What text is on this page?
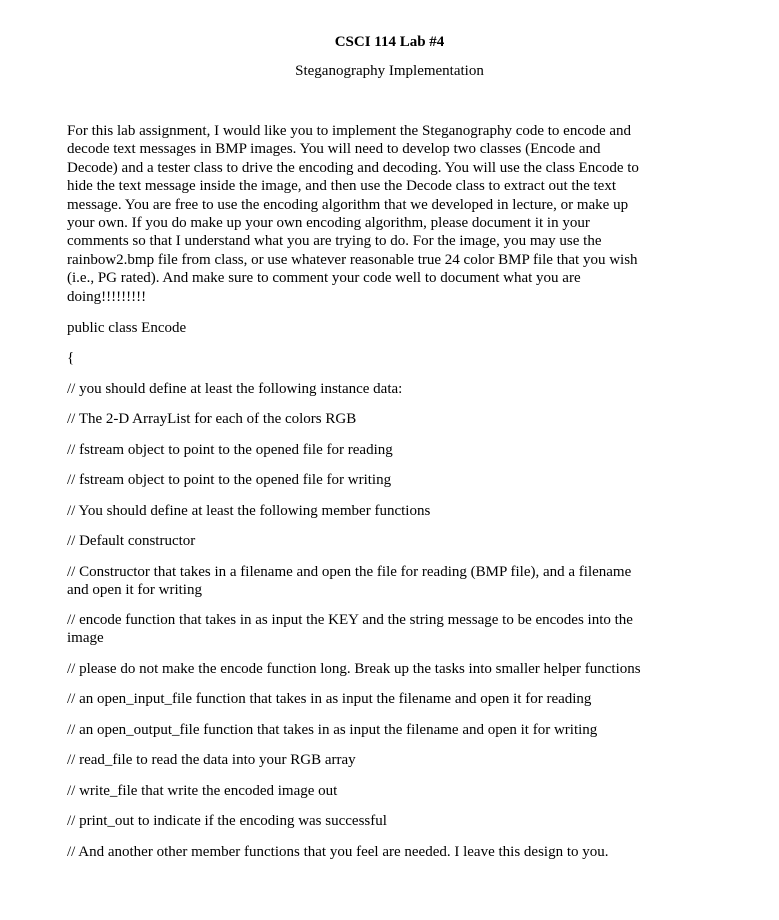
CSCI 114 Lab #4
Steganography Implementation
For this lab assignment, I would like you to implement the Steganography code to encode and
decode text messages in BMP images. You will need to develop two classes (Encode and
Decode) and a tester class to drive the encoding and decoding. You will use the class Encode to
hide the text message inside the image, and then use the Decode class to extract out the text
message. You are free to use the encoding algorithm that we developed in lecture, or make up
your own. If you do make up your own encoding algorithm, please document it in your
comments so that I understand what you are trying to do. For the image, you may use the
rainbow2.bmp file from class, or use whatever reasonable true 24 color BMP file that you wish
(i.e., PG rated). And make sure to comment your code well to document what you are
doing!!!!!!!!!
public class Encode
{
// you should define at least the following instance data:
// The 2-D ArrayList for each of the colors RGB
// fstream object to point to the opened file for reading
// fstream object to point to the opened file for writing
// You should define at least the following member functions
// Default constructor
// Constructor that takes in a filename and open the file for reading (BMP file), and a filename
and open it for writing
// encode function that takes in as input the KEY and the string message to be encodes into the
image
// please do not make the encode function long. Break up the tasks into smaller helper functions
// an open_input_file function that takes in as input the filename and open it for reading
// an open_output_file function that takes in as input the filename and open it for writing
// read_file to read the data into your RGB array
// write_file that write the encoded image out
// print_out to indicate if the encoding was successful
// And another other member functions that you feel are needed. I leave this design to you.
